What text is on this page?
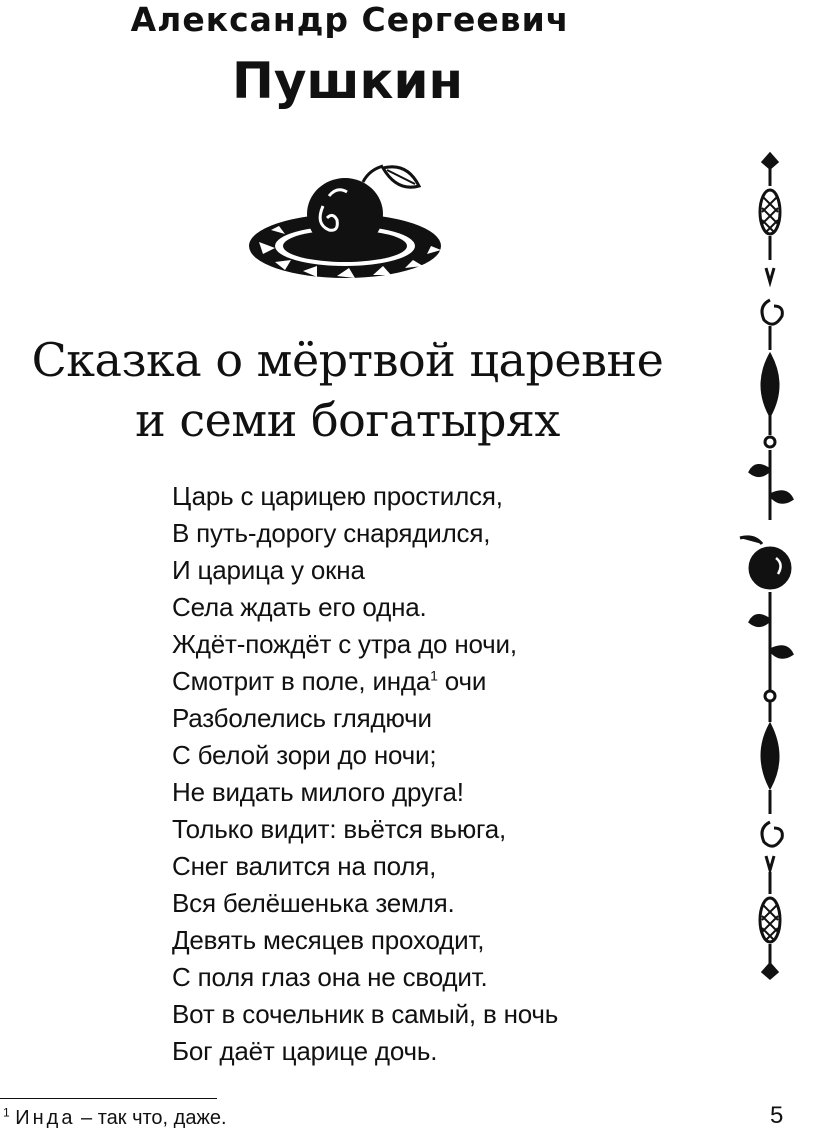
Александр Сергеевич
Пушкин
Сказка о мёртвой царевне
и семи богатырях
Царь с царицею простился,
В путь-дорогу снарядился,
И царица у окна
Села ждать его одна.
Ждёт-пождёт с утра до ночи,
Смотрит в поле, инда$^1$ очи
Разболелись глядючи
С белой зори до ночи;
Не видать милого друга!
Только видит: вьётся вьюга,
Снег валится на поля,
Вся белёшенька земля.
Девять месяцев проходит,
С поля глаз она не сводит.
Вот в сочельник в самый, в ночь
Бог даёт царице дочь.
$^1$ Инда – так что, даже.	5
